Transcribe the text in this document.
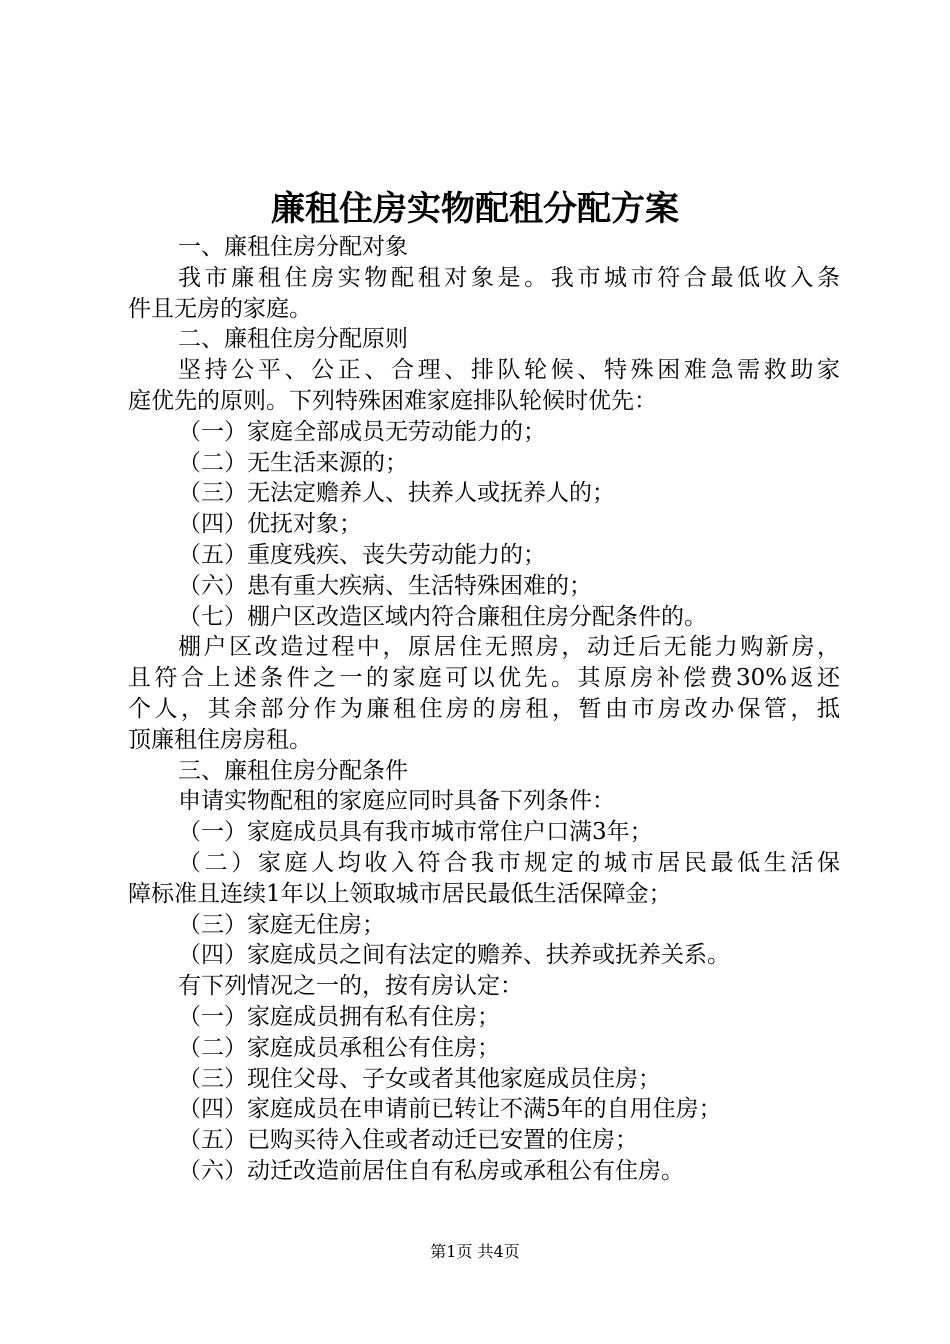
廉租住房实物配租分配方案
一、廉租住房分配对象
我市廉租住房实物配租对象是。我市城市符合最低收入条
件且无房的家庭。
二、廉租住房分配原则
坚持公平、公正、合理、排队轮候、特殊困难急需救助家
庭优先的原则。下列特殊困难家庭排队轮候时优先：
（一）家庭全部成员无劳动能力的；
（二）无生活来源的；
（三）无法定赡养人、扶养人或抚养人的；
（四）优抚对象；
（五）重度残疾、丧失劳动能力的；
（六）患有重大疾病、生活特殊困难的；
（七）棚户区改造区域内符合廉租住房分配条件的。
棚户区改造过程中，原居住无照房，动迁后无能力购新房，
且符合上述条件之一的家庭可以优先。其原房补偿费30%返还
个人，其余部分作为廉租住房的房租，暂由市房改办保管，抵
顶廉租住房房租。
三、廉租住房分配条件
申请实物配租的家庭应同时具备下列条件：
（一）家庭成员具有我市城市常住户口满3年；
（二）家庭人均收入符合我市规定的城市居民最低生活保
障标准且连续1年以上领取城市居民最低生活保障金；
（三）家庭无住房；
（四）家庭成员之间有法定的赡养、扶养或抚养关系。
有下列情况之一的，按有房认定：
（一）家庭成员拥有私有住房；
（二）家庭成员承租公有住房；
（三）现住父母、子女或者其他家庭成员住房；
（四）家庭成员在申请前已转让不满5年的自用住房；
（五）已购买待入住或者动迁已安置的住房；
（六）动迁改造前居住自有私房或承租公有住房。
第1页 共4页
